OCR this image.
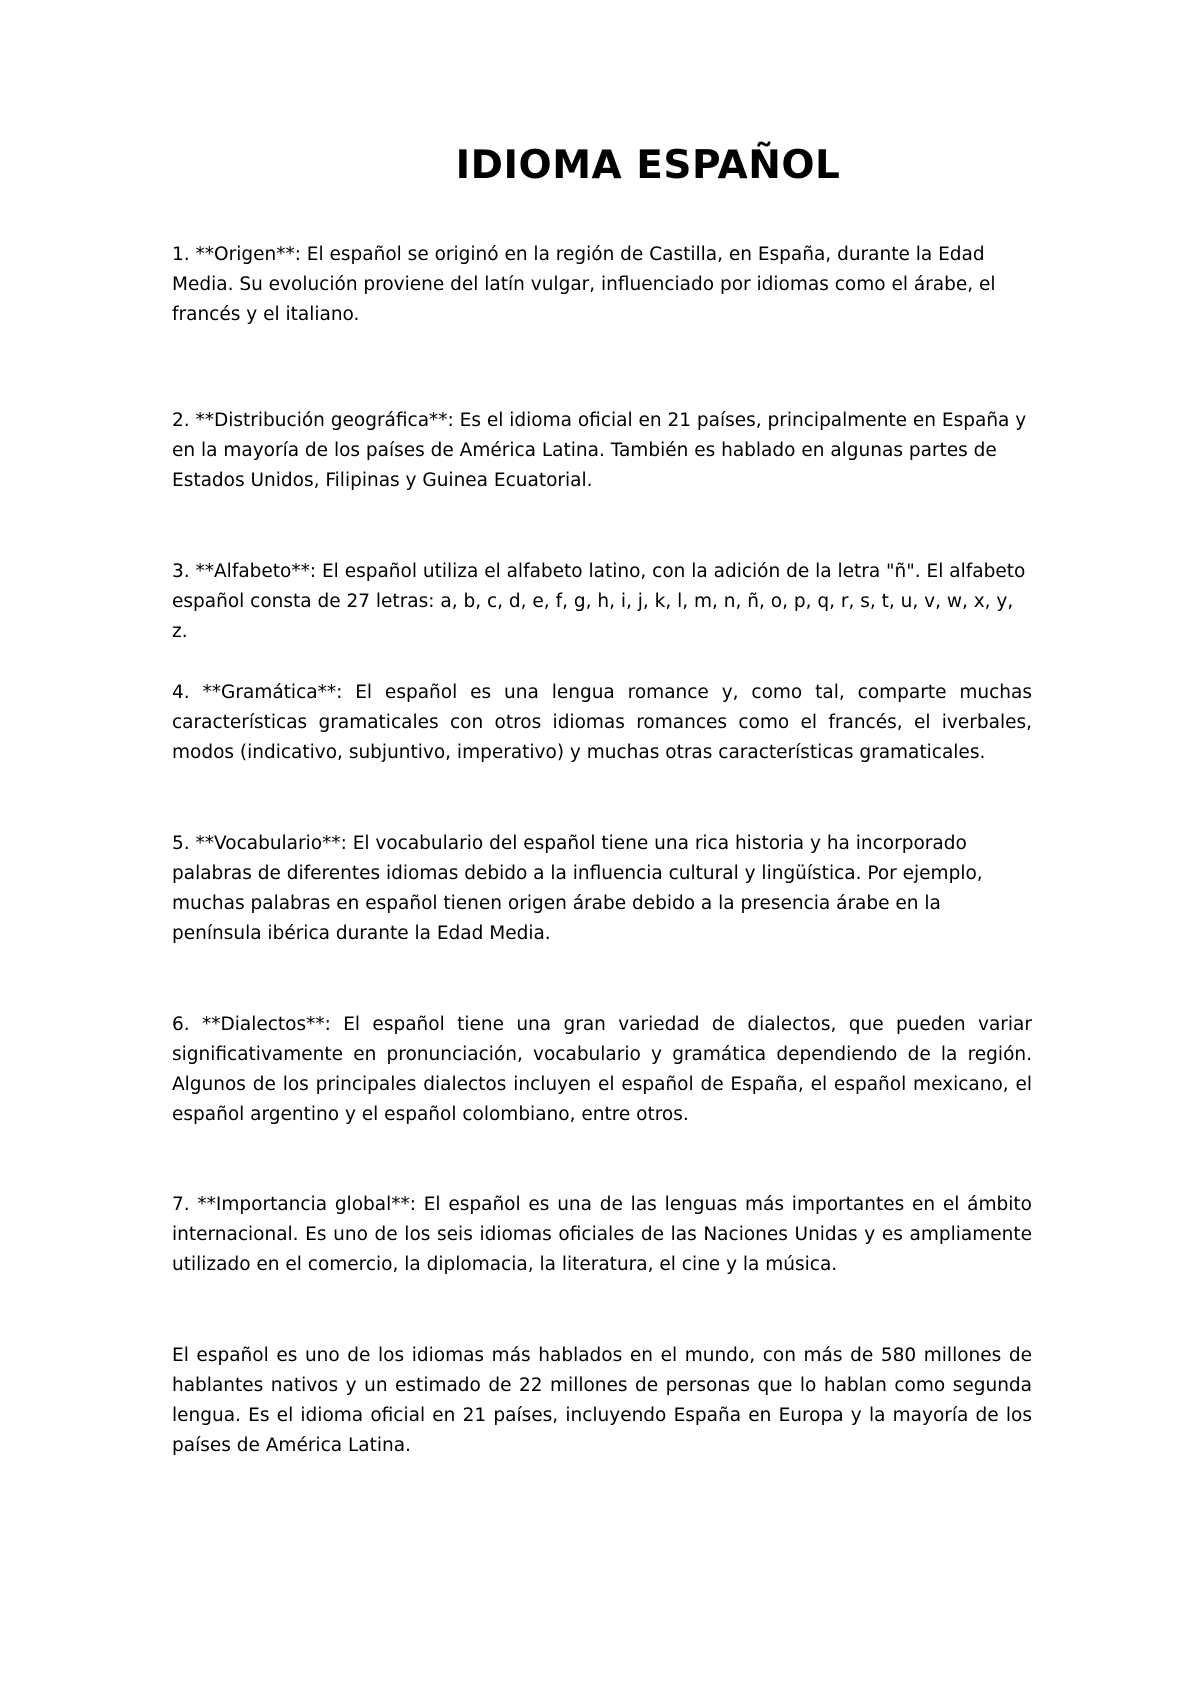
IDIOMA ESPAÑOL

1. **Origen**: El español se originó en la región de Castilla, en España, durante la Edad Media. Su evolución proviene del latín vulgar, influenciado por idiomas como el árabe, el francés y el italiano.

2. **Distribución geográfica**: Es el idioma oficial en 21 países, principalmente en España y en la mayoría de los países de América Latina. También es hablado en algunas partes de Estados Unidos, Filipinas y Guinea Ecuatorial.

3. **Alfabeto**: El español utiliza el alfabeto latino, con la adición de la letra "ñ". El alfabeto español consta de 27 letras: a, b, c, d, e, f, g, h, i, j, k, l, m, n, ñ, o, p, q, r, s, t, u, v, w, x, y, z.

4. **Gramática**: El español es una lengua romance y, como tal, comparte muchas características gramaticales con otros idiomas romances como el francés, el iverbales, modos (indicativo, subjuntivo, imperativo) y muchas otras características gramaticales.

5. **Vocabulario**: El vocabulario del español tiene una rica historia y ha incorporado palabras de diferentes idiomas debido a la influencia cultural y lingüística. Por ejemplo, muchas palabras en español tienen origen árabe debido a la presencia árabe en la península ibérica durante la Edad Media.

6. **Dialectos**: El español tiene una gran variedad de dialectos, que pueden variar significativamente en pronunciación, vocabulario y gramática dependiendo de la región. Algunos de los principales dialectos incluyen el español de España, el español mexicano, el español argentino y el español colombiano, entre otros.

7. **Importancia global**: El español es una de las lenguas más importantes en el ámbito internacional. Es uno de los seis idiomas oficiales de las Naciones Unidas y es ampliamente utilizado en el comercio, la diplomacia, la literatura, el cine y la música.

El español es uno de los idiomas más hablados en el mundo, con más de 580 millones de hablantes nativos y un estimado de 22 millones de personas que lo hablan como segunda lengua. Es el idioma oficial en 21 países, incluyendo España en Europa y la mayoría de los países de América Latina.
